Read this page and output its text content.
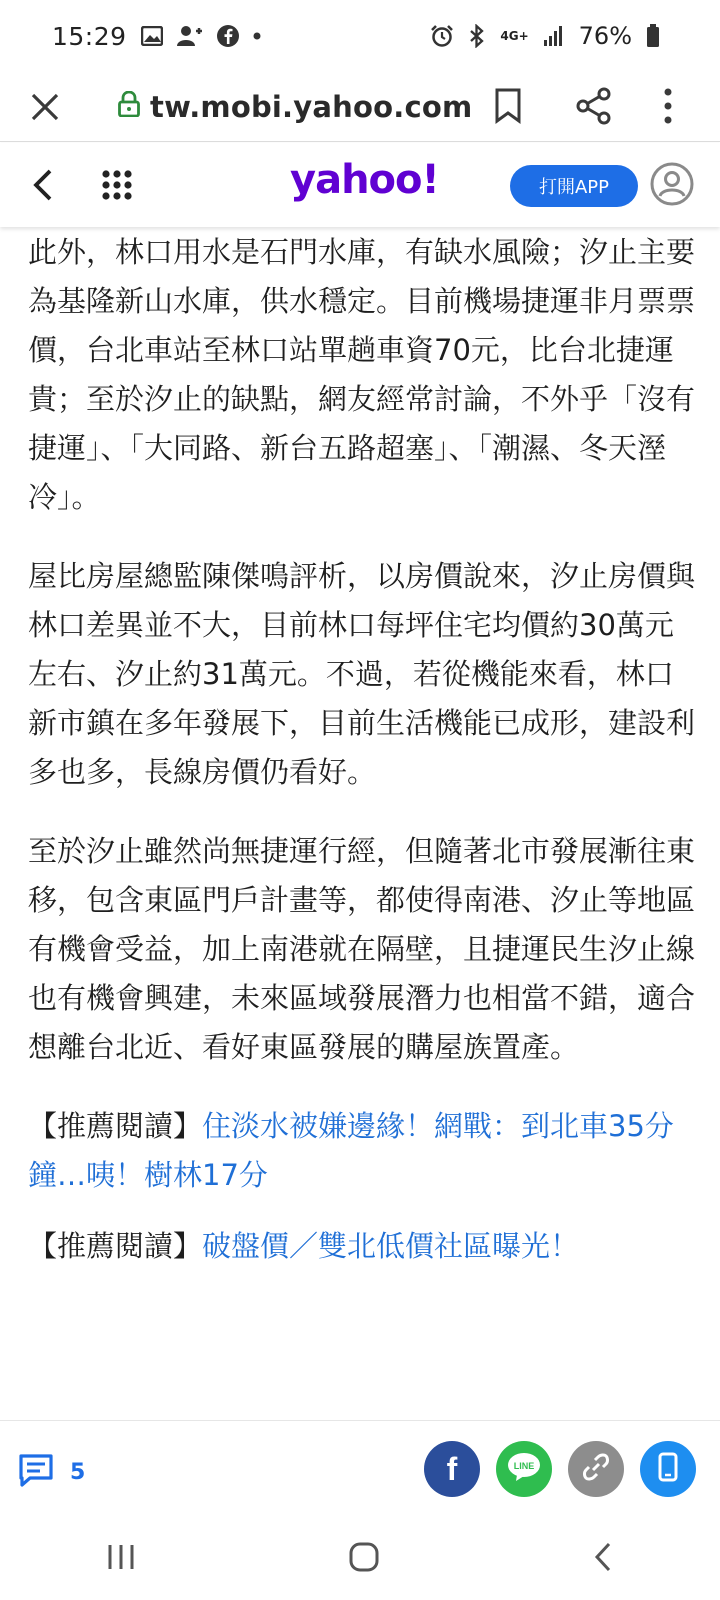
15:29	4G+ 76%
tw.mobi.yahoo.com
yahoo!	打開APP

此外，林口用水是石門水庫，有缺水風險；汐止主要為基隆新山水庫，供水穩定。目前機場捷運非月票票價，台北車站至林口站單趟車資70元，比台北捷運貴；至於汐止的缺點，網友經常討論，不外乎「沒有捷運」、「大同路、新台五路超塞」、「潮濕、冬天溼冷」。

屋比房屋總監陳傑鳴評析，以房價說來，汐止房價與林口差異並不大，目前林口每坪住宅均價約30萬元左右、汐止約31萬元。不過，若從機能來看，林口新市鎮在多年發展下，目前生活機能已成形，建設利多也多，長線房價仍看好。

至於汐止雖然尚無捷運行經，但隨著北市發展漸往東移，包含東區門戶計畫等，都使得南港、汐止等地區有機會受益，加上南港就在隔壁，且捷運民生汐止線也有機會興建，未來區域發展潛力也相當不錯，適合想離台北近、看好東區發展的購屋族置產。

【推薦閱讀】住淡水被嫌邊緣！網戰：到北車35分鐘…咦！樹林17分

【推薦閱讀】破盤價／雙北低價社區曝光！

5	f	LINE
